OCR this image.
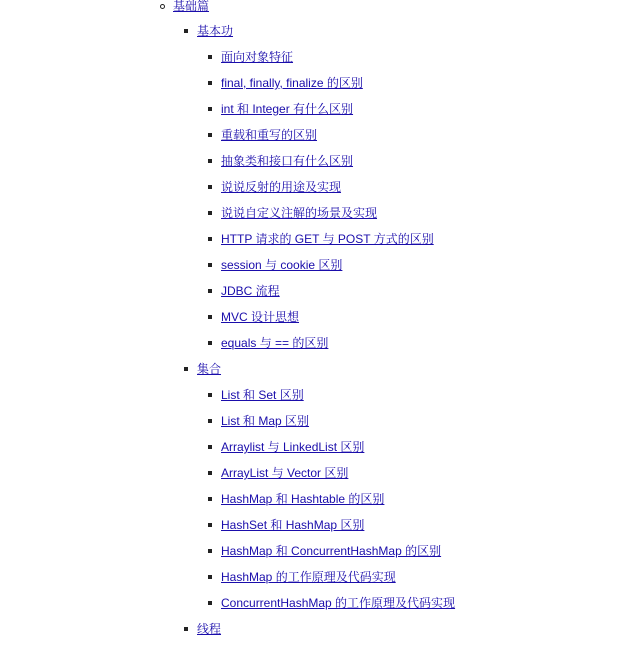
基础篇
基本功
面向对象特征
final, finally, finalize 的区别
int 和 Integer 有什么区别
重载和重写的区别
抽象类和接口有什么区别
说说反射的用途及实现
说说自定义注解的场景及实现
HTTP 请求的 GET 与 POST 方式的区别
session 与 cookie 区别
JDBC 流程
MVC 设计思想
equals 与 == 的区别
集合
List 和 Set 区别
List 和 Map 区别
Arraylist 与 LinkedList 区别
ArrayList 与 Vector 区别
HashMap 和 Hashtable 的区别
HashSet 和 HashMap 区别
HashMap 和 ConcurrentHashMap 的区别
HashMap 的工作原理及代码实现
ConcurrentHashMap 的工作原理及代码实现
线程
